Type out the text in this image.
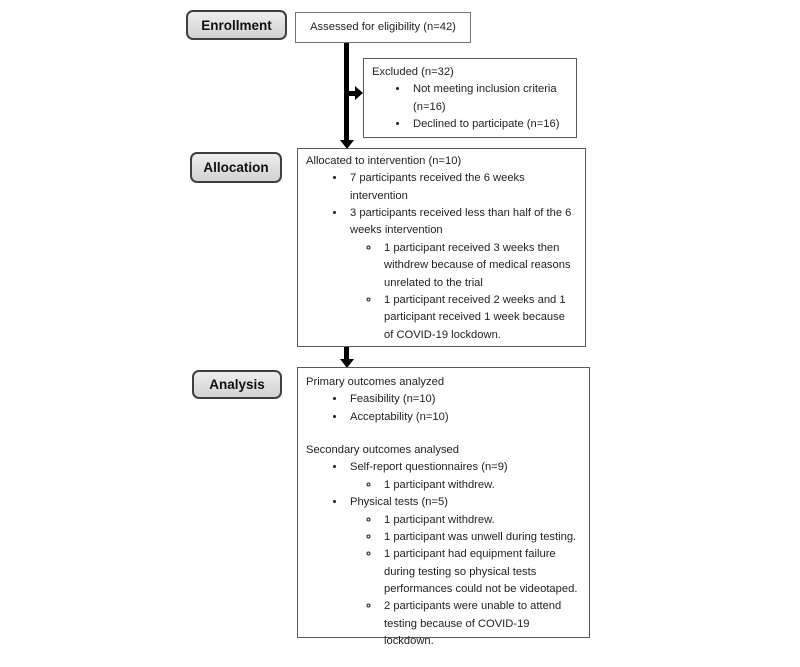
Enrollment
Allocation
Analysis
Assessed for eligibility (n=42)
Excluded (n=32)
• Not meeting inclusion criteria (n=16)
• Declined to participate (n=16)
Allocated to intervention (n=10)
• 7 participants received the 6 weeks intervention
• 3 participants received less than half of the 6 weeks intervention
◦ 1 participant received 3 weeks then withdrew because of medical reasons unrelated to the trial
◦ 1 participant received 2 weeks and 1 participant received 1 week because of COVID-19 lockdown.
Primary outcomes analyzed
• Feasibility (n=10)
• Acceptability (n=10)
Secondary outcomes analysed
• Self-report questionnaires (n=9)
◦ 1 participant withdrew.
• Physical tests (n=5)
◦ 1 participant withdrew.
◦ 1 participant was unwell during testing.
◦ 1 participant had equipment failure during testing so physical tests performances could not be videotaped.
◦ 2 participants were unable to attend testing because of COVID-19 lockdown.
